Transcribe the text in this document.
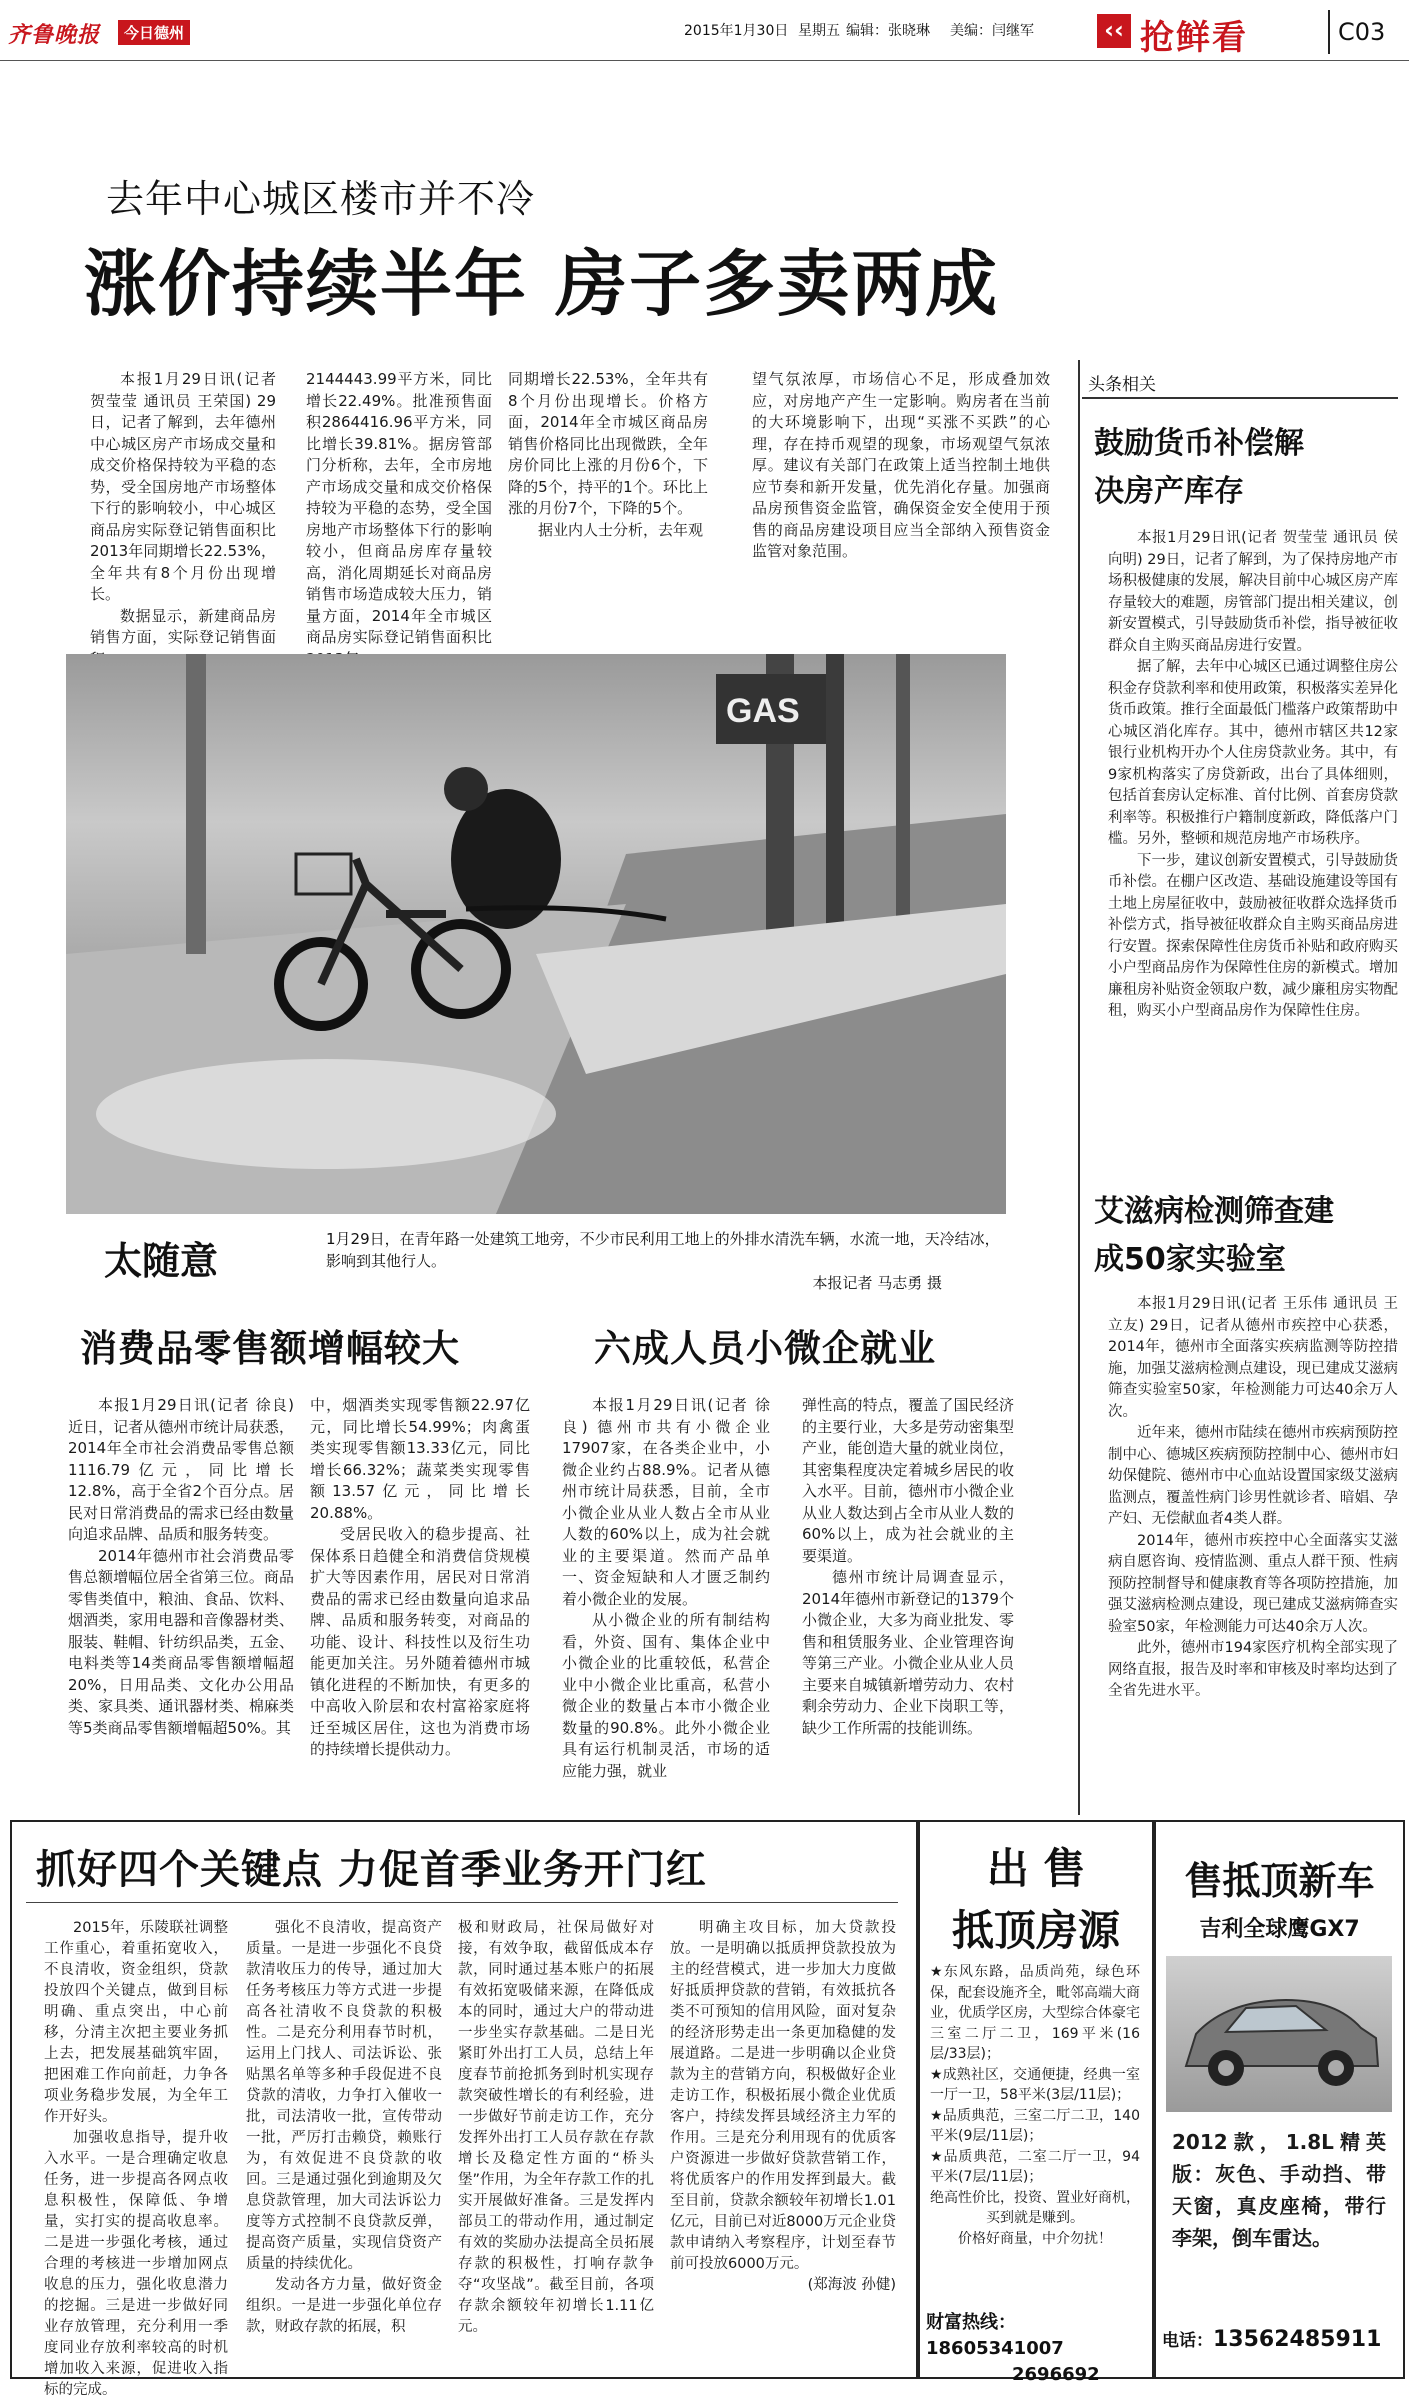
齐鲁晚报	今日德州	2015年1月30日 星期五 编辑：张晓琳 美编：闫继军	‹‹ 抢鲜看	C03
去年中心城区楼市并不冷
涨价持续半年 房子多卖两成

本报1月29日讯(记者 贺莹莹 通讯员 王荣国) 29日，记者了解到，去年德州中心城区房产市场成交量和成交价格保持较为平稳的态势，受全国房地产市场整体下行的影响较小，中心城区商品房实际登记销售面积比2013年同期增长22.53%，全年共有8个月份出现增长。

数据显示，新建商品房销售方面，实际登记销售面

2144443.99平方米，同比增长22.49%。批准预售面积2864416.96平方米，同比增长39.81%。据房管部门分析称，去年，全市房地产市场成交量和成交价格保持较为平稳的态势，受全国房地产市场整体下行的影响较小，但商品房库存量较高，消化周期延长对商品房销售市场造成较大压力，销量方面，2014年全市城区商品房实际登记销售面积比

同期增长22.53%，全年共有8个月份出现增长。价格方面，2014年全市城区商品房销售价格同比出现微跌，全年房价同比上涨的月份6个，下降的5个，持平的1个。环比上涨的月份7个，下降的5个。

据业内人士分析，去年观

望气氛浓厚，市场信心不足，形成叠加效应，对房地产产生一定影响。购房者在当前的大环境影响下，出现“买涨不买跌”的心理，存在持币观望的现象，市场观望气氛浓厚。建议有关部门在政策上适当控制土地供应节奏和新开发量，优先消化存量。加强商品房预售资金监管，确保资金安全使用于预售的商品房建设项目应当全部纳入预售资金监管对象范围。

头条相关
鼓励货币补偿解决房产库存

本报1月29日讯(记者 贺莹莹 通讯员 侯向明) 29日，记者了解到，为了保持房地产市场积极健康的发展，解决目前中心城区房产库存量较大的难题，房管部门提出相关建议，创新安置模式，引导鼓励货币补偿，指导被征收群众自主购买商品房进行安置。

据了解，去年中心城区已通过调整住房公积金存贷款利率和使用政策，积极落实差异化货币政策。推行全面最低门槛落户政策帮助中心城区消化库存。其中，德州市辖区共12家银行业机构开办个人住房贷款业务。其中，有9家机构落实了房贷新政，出台了具体细则，包括首套房认定标准、首付比例、首套房贷款利率等。积极推行户籍制度新政，降低落户门槛。另外，整顿和规范房地产市场秩序。

下一步，建议创新安置模式，引导鼓励货币补偿。在棚户区改造、基础设施建设等国有土地上房屋征收中，鼓励被征收群众选择货币补偿方式，指导被征收群众自主购买商品房进行安置。探索保障性住房货币补贴和政府购买小户型商品房作为保障性住房的新模式。增加廉租房补贴资金领取户数，减少廉租房实物配租，购买小户型商品房作为保障性住房。

艾滋病检测筛查建成50家实验室

本报1月29日讯(记者 王乐伟 通讯员 王立友) 29日，记者从德州市疾控中心获悉，2014年，德州市全面落实疾病监测等防控措施，加强艾滋病检测点建设，现已建成艾滋病筛查实验室50家，年检测能力可达40余万人次。

近年来，德州市陆续在德州市疾病预防控制中心、德城区疾病预防控制中心、德州市妇幼保健院、德州市中心血站设置国家级艾滋病监测点，覆盖性病门诊男性就诊者、暗娼、孕产妇、无偿献血者4类人群。

2014年，德州市疾控中心全面落实艾滋病自愿咨询、疫情监测、重点人群干预、性病预防控制督导和健康教育等各项防控措施，加强艾滋病检测点建设，现已建成艾滋病筛查实验室50家，年检测能力可达40余万人次。

此外，德州市194家医疗机构全部实现了网络直报，报告及时率和审核及时率均达到了全省先进水平。

GAS
太随意	1月29日，在青年路一处建筑工地旁，不少市民利用工地上的外排水清洗车辆，水流一地，天冷结冰，影响到其他行人。
本报记者 马志勇 摄
消费品零售额增幅较大

本报1月29日讯(记者 徐良) 近日，记者从德州市统计局获悉，2014年全市社会消费品零售总额1116.79亿元，同比增长12.8%，高于全省2个百分点。居民对日常消费品的需求已经由数量向追求品牌、品质和服务转变。

2014年德州市社会消费品零售总额增幅位居全省第三位。商品零售类值中，粮油、食品、饮料、烟酒类，家用电器和音像器材类、服装、鞋帽、针纺织品类，五金、电料类等14类商品零售额增幅超20%，日用品类、文化办公用品类、家具类、通讯器材类、棉麻类等5类商品零售额增幅超50%。其

中，烟酒类实现零售额22.97亿元，同比增长54.99%；肉禽蛋类实现零售额13.33亿元，同比增长66.32%；蔬菜类实现零售额13.57亿元，同比增长20.88%。

受居民收入的稳步提高、社保体系日趋健全和消费信贷规模扩大等因素作用，居民对日常消费品的需求已经由数量向追求品牌、品质和服务转变，对商品的功能、设计、科技性以及衍生功能更加关注。另外随着德州市城镇化进程的不断加快，有更多的中高收入阶层和农村富裕家庭将迁至城区居住，这也为消费市场的持续增长提供动力。

六成人员小微企就业

本报1月29日讯(记者 徐良) 德州市共有小微企业17907家，在各类企业中，小微企业约占88.9%。记者从德州市统计局获悉，目前，全市小微企业从业人数占全市从业人数的60%以上，成为社会就业的主要渠道。然而产品单一、资金短缺和人才匮乏制约着小微企业的发展。

从小微企业的所有制结构看，外资、国有、集体企业中小微企业的比重较低，私营企业中小微企业比重高，私营小微企业的数量占本市小微企业数量的90.8%。此外小微企业具有运行机制灵活，市场的适应能力强，就业

弹性高的特点，覆盖了国民经济的主要行业，大多是劳动密集型产业，能创造大量的就业岗位，其密集程度决定着城乡居民的收入水平。目前，德州市小微企业从业人数达到占全市从业人数的60%以上，成为社会就业的主要渠道。

德州市统计局调查显示，2014年德州市新登记的1379个小微企业，大多为商业批发、零售和租赁服务业、企业管理咨询等第三产业。小微企业从业人员主要来自城镇新增劳动力、农村剩余劳动力、企业下岗职工等，缺少工作所需的技能训练。

抓好四个关键点 力促首季业务开门红

2015年，乐陵联社调整工作重心，着重拓宽收入，不良清收，资金组织，贷款投放四个关键点，做到目标明确、重点突出，中心前移，分清主次把主要业务抓上去，把发展基础筑牢固，把困难工作向前赶，力争各项业务稳步发展，为全年工作开好头。

加强收息指导，提升收入水平。一是合理确定收息任务，进一步提高各网点收息积极性，保障低、争增量，实打实的提高收息率。二是进一步强化考核，通过合理的考核进一步增加网点收息的压力，强化收息潜力的挖掘。三是进一步做好同业存放管理，充分利用一季度同业存放利率较高的时机增加收入来源，促进收入指标的完成。

强化不良清收，提高资产质量。一是进一步强化不良贷款清收压力的传导，通过加大任务考核压力等方式进一步提高各社清收不良贷款的积极性。二是充分利用春节时机，运用上门找人、司法诉讼、张贴黑名单等多种手段促进不良贷款的清收，力争打入催收一批，司法清收一批，宣传带动一批，严厉打击赖贷，赖账行为，有效促进不良贷款的收回。三是通过强化到逾期及欠息贷款管理，加大司法诉讼力度等方式控制不良贷款反弹，提高资产质量，实现信贷资产质量的持续优化。

发动各方力量，做好资金组织。一是进一步强化单位存款，财政存款的拓展，积

极和财政局，社保局做好对接，有效争取，截留低成本存款，同时通过基本账户的拓展有效拓宽吸储来源，在降低成本的同时，通过大户的带动进一步坐实存款基础。二是日光紧盯外出打工人员，总结上年度春节前抢抓务到时机实现存款突破性增长的有利经验，进一步做好节前走访工作，充分发挥外出打工人员存款在存款增长及稳定性方面的“桥头堡”作用，为全年存款工作的扎实开展做好准备。三是发挥内部员工的带动作用，通过制定有效的奖励办法提高全员拓展存款的积极性，打响存款争夺“攻坚战”。截至目前，各项存款余额较年初增长1.11亿元。

明确主攻目标，加大贷款投放。一是明确以抵质押贷款投放为主的经营模式，进一步加大力度做好抵质押贷款的营销，有效抵抗各类不可预知的信用风险，面对复杂的经济形势走出一条更加稳健的发展道路。二是进一步明确以企业贷款为主的营销方向，积极做好企业走访工作，积极拓展小微企业优质客户，持续发挥县域经济主力军的作用。三是充分利用现有的优质客户资源进一步做好贷款营销工作，将优质客户的作用发挥到最大。截至目前，贷款余额较年初增长1.01亿元，目前已对近8000万元企业贷款申请纳入考察程序，计划至春节前可投放6000万元。

(郑海波 孙健)
出 售
抵顶房源

★东风东路，品质尚苑，绿色环保，配套设施齐全，毗邻高端大商业，优质学区房，大型综合体豪宅三室二厅二卫，169平米(16层/33层)；

★成熟社区，交通便捷，经典一室一厅一卫，58平米(3层/11层)；

★品质典范，三室二厅二卫，140平米(9层/11层)；

★品质典范，二室二厅一卫，94平米(7层/11层)；

绝高性价比，投资、置业好商机，买到就是赚到。

价格好商量，中介勿扰！

财富热线：18605341007
2696692
售抵顶新车
吉利全球鹰GX7
2012款，1.8L精英版：灰色、手动挡、带天窗，真皮座椅，带行李架，倒车雷达。
电话：13562485911
